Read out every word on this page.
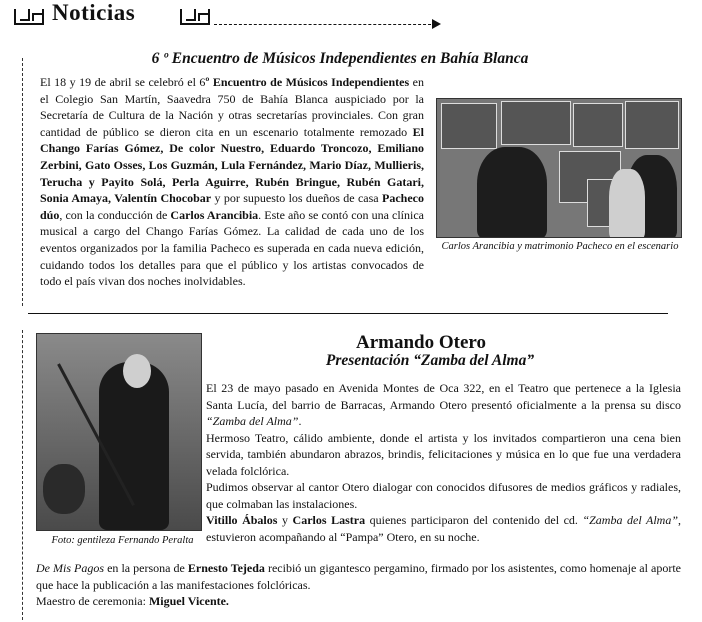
Noticias
6 º Encuentro de Músicos Independientes en Bahía Blanca
Carlos Arancibia y matrimonio Pacheco en el escenario
El 18 y 19 de abril se celebró el 6º Encuentro de Músicos Independientes en el Colegio San Martín, Saavedra 750 de Bahía Blanca auspiciado por la Secretaría de Cultura de la Nación y otras secretarías provinciales. Con gran cantidad de público se dieron cita en un escenario totalmente remozado El Chango Farías Gómez, De color Nuestro, Eduardo Troncozo, Emiliano Zerbini, Gato Osses, Los Guzmán, Lula Fernández, Mario Díaz, Mullieris, Terucha y Payito Solá, Perla Aguirre, Rubén Bringue, Rubén Gatari, Sonia Amaya, Valentín Chocobar y por supuesto los dueños de casa Pacheco dúo, con la conducción de Carlos Arancibia. Este año se contó con una clínica musical a cargo del Chango Farías Gómez. La calidad de cada uno de los eventos organizados por la familia Pacheco es superada en cada nueva edición, cuidando todos los detalles para que el público y los artistas convocados de todo el país vivan dos noches inolvidables.
Foto: gentileza Fernando Peralta
Armando Otero
Presentación “Zamba del Alma”

El 23 de mayo pasado en Avenida Montes de Oca 322, en el Teatro que pertenece a la Iglesia Santa Lucía, del barrio de Barracas, Armando Otero presentó oficialmente a la prensa su disco “Zamba del Alma”.

Hermoso Teatro, cálido ambiente, donde el artista y los invitados compartieron una cena bien servida, también abundaron abrazos, brindis, felicitaciones y música en lo que fue una verdadera velada folclórica.

Pudimos observar al cantor Otero dialogar con conocidos difusores de medios gráficos y radiales, que colmaban las instalaciones.

Vitillo Ábalos y Carlos Lastra quienes participaron del contenido del cd. “Zamba del Alma”, estuvieron acompañando al “Pampa” Otero, en su noche.

De Mis Pagos en la persona de Ernesto Tejeda recibió un gigantesco pergamino, firmado por los asistentes, como homenaje al aporte que hace la publicación a las manifestaciones folclóricas.

Maestro de ceremonia: Miguel Vicente.
